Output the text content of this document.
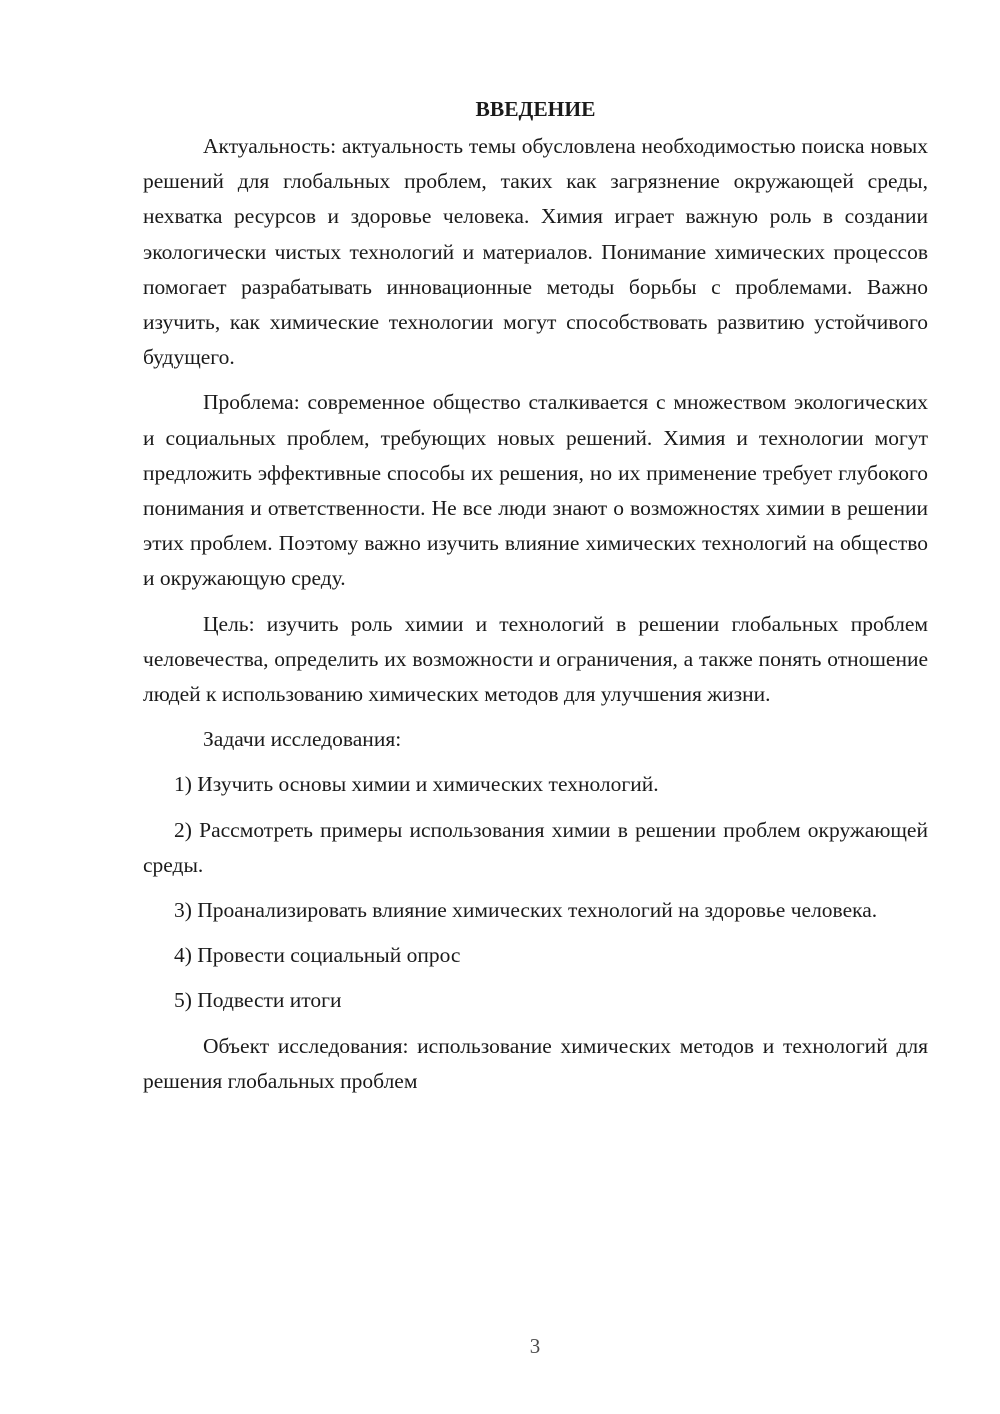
ВВЕДЕНИЕ

Актуальность: актуальность темы обусловлена необходимостью поиска новых решений для глобальных проблем, таких как загрязнение окружающей среды, нехватка ресурсов и здоровье человека. Химия играет важную роль в создании экологически чистых технологий и материалов. Понимание химических процессов помогает разрабатывать инновационные методы борьбы с проблемами. Важно изучить, как химические технологии могут способствовать развитию устойчивого будущего.

Проблема: современное общество сталкивается с множеством экологических и социальных проблем, требующих новых решений. Химия и технологии могут предложить эффективные способы их решения, но их применение требует глубокого понимания и ответственности. Не все люди знают о возможностях химии в решении этих проблем. Поэтому важно изучить влияние химических технологий на общество и окружающую среду.

Цель: изучить роль химии и технологий в решении глобальных проблем человечества, определить их возможности и ограничения, а также понять отношение людей к использованию химических методов для улучшения жизни.

Задачи исследования:

1) Изучить основы химии и химических технологий.

2) Рассмотреть примеры использования химии в решении проблем окружающей среды.

3) Проанализировать влияние химических технологий на здоровье человека.

4) Провести социальный опрос

5) Подвести итоги

Объект исследования: использование химических методов и технологий для решения глобальных проблем

3
